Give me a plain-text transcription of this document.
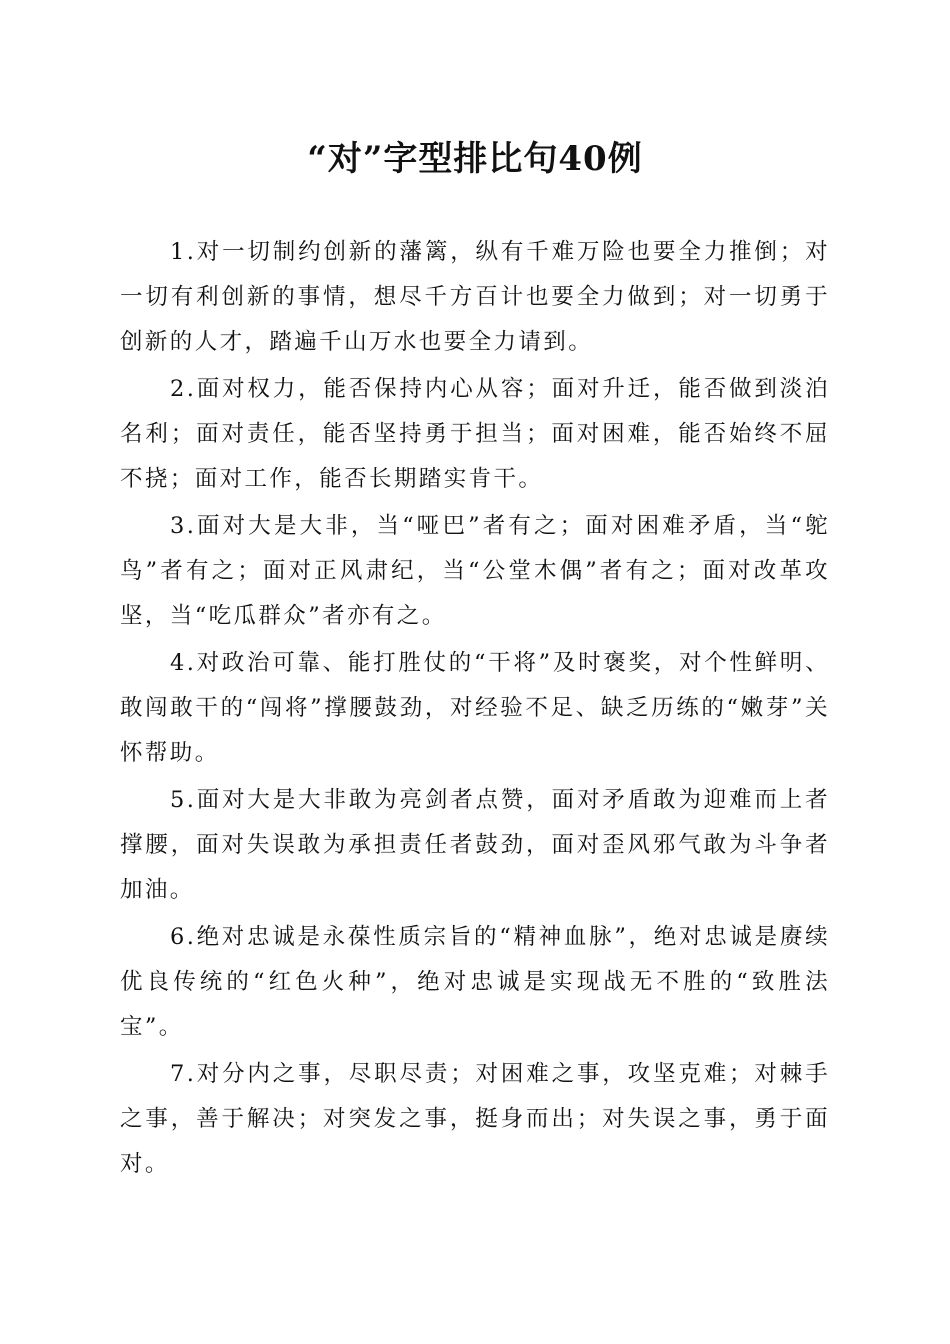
“对”字型排比句40例

1.对一切制约创新的藩篱，纵有千难万险也要全力推倒；对一切有利创新的事情，想尽千方百计也要全力做到；对一切勇于创新的人才，踏遍千山万水也要全力请到。

2.面对权力，能否保持内心从容；面对升迁，能否做到淡泊名利；面对责任，能否坚持勇于担当；面对困难，能否始终不屈不挠；面对工作，能否长期踏实肯干。

3.面对大是大非，当“哑巴”者有之；面对困难矛盾，当“鸵鸟”者有之；面对正风肃纪，当“公堂木偶”者有之；面对改革攻坚，当“吃瓜群众”者亦有之。

4.对政治可靠、能打胜仗的“干将”及时褒奖，对个性鲜明、敢闯敢干的“闯将”撑腰鼓劲，对经验不足、缺乏历练的“嫩芽”关怀帮助。

5.面对大是大非敢为亮剑者点赞，面对矛盾敢为迎难而上者撑腰，面对失误敢为承担责任者鼓劲，面对歪风邪气敢为斗争者加油。

6.绝对忠诚是永葆性质宗旨的“精神血脉”，绝对忠诚是赓续优良传统的“红色火种”，绝对忠诚是实现战无不胜的“致胜法宝”。

7.对分内之事，尽职尽责；对困难之事，攻坚克难；对棘手之事，善于解决；对突发之事，挺身而出；对失误之事，勇于面对。
